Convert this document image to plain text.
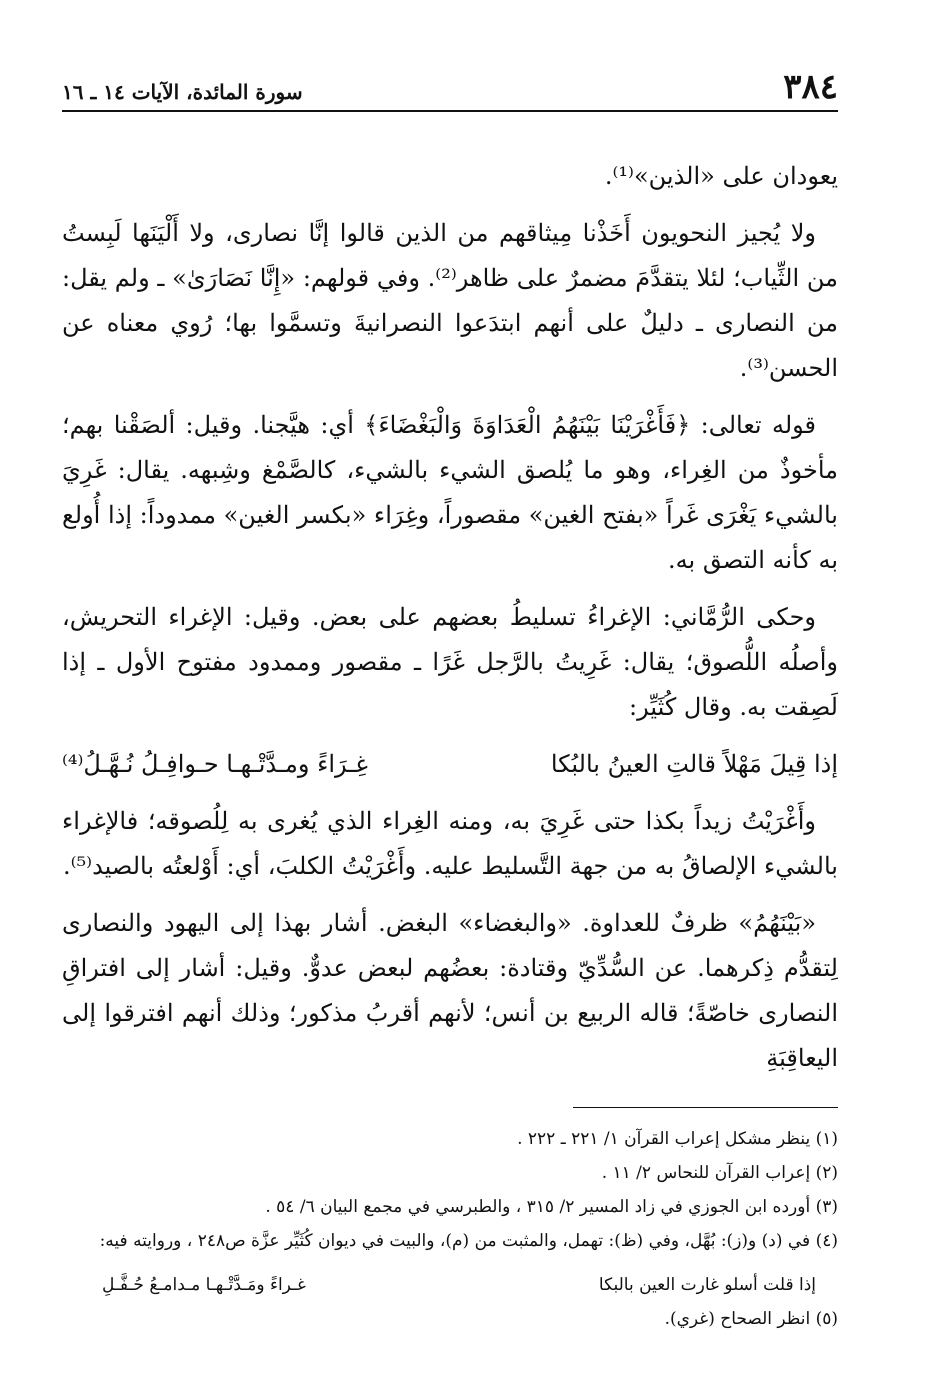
٣٨٤
سورة المائدة، الآيات ١٤ ـ ١٦

يعودان على «الذين»⁽¹⁾.

ولا يُجيز النحويون أَخَذْنا مِيثاقهم من الذين قالوا إنَّا نصارى، ولا أَلْيَنَها لَبِستُ من الثِّياب؛ لئلا يتقدَّمَ مضمرٌ على ظاهر⁽²⁾. وفي قولهم: «إِنَّا نَصَارَىٰ» ـ ولم يقل: من النصارى ـ دليلٌ على أنهم ابتدَعوا النصرانيةَ وتسمَّوا بها؛ رُوي معناه عن الحسن⁽³⁾.

قوله تعالى: ﴿فَأَغْرَيْنَا بَيْنَهُمُ الْعَدَاوَةَ وَالْبَغْضَاءَ﴾ أي: هيَّجنا. وقيل: ألصَقْنا بهم؛ مأخوذٌ من الغِراء، وهو ما يُلصق الشيء بالشيء، كالصَّمْغ وشِبهه. يقال: غَرِيَ بالشيء يَغْرَى غَراً «بفتح الغين» مقصوراً، وغِرَاء «بكسر الغين» ممدوداً: إذا أُولع به كأنه التصق به.

وحكى الرُّمَّاني: الإغراءُ تسليطُ بعضهم على بعض. وقيل: الإغراء التحريش، وأصلُه اللُّصوق؛ يقال: غَرِيتُ بالرَّجل غَرًا ـ مقصور وممدود مفتوح الأول ـ إذا لَصِقت به. وقال كُثَيِّر:

إذا قِيلَ مَهْلاً قالتِ العينُ بالبُكا
غِـرَاءً ومـدَّتْـهـا حـوافِـلُ نُـهَّـلُ⁽⁴⁾

وأَغْرَيْتُ زيداً بكذا حتى غَرِيَ به، ومنه الغِراء الذي يُغرى به لِلُصوقه؛ فالإغراء بالشيء الإلصاقُ به من جهة التَّسليط عليه. وأَغْرَيْتُ الكلبَ، أي: أَوْلعتُه بالصيد⁽⁵⁾.

«بَيْنَهُمُ» ظرفٌ للعداوة. «والبغضاء» البغض. أشار بهذا إلى اليهود والنصارى لِتقدُّم ذِكرهما. عن السُّدِّيّ وقتادة: بعضُهم لبعض عدوٌّ. وقيل: أشار إلى افتراقِ النصارى خاصّةً؛ قاله الربيع بن أنس؛ لأنهم أقربُ مذكور؛ وذلك أنهم افترقوا إلى اليعاقِبَةِ

(١) ينظر مشكل إعراب القرآن ١/ ٢٢١ ـ ٢٢٢ .

(٢) إعراب القرآن للنحاس ٢/ ١١ .

(٣) أورده ابن الجوزي في زاد المسير ٢/ ٣١٥ ، والطبرسي في مجمع البيان ٦/ ٥٤ .

(٤) في (د) و(ز): بُهَّل، وفي (ظ): تهمل، والمثبت من (م)، والبيت في ديوان كُثَيِّر عزَّة ص٢٤٨ ، وروايته فيه:

إذا قلت أسلو غارت العين بالبكا
غـراءً ومَـدَّتْـهـا مـدامـعُ حُـفَّـلِ

(٥) انظر الصحاح (غري).
